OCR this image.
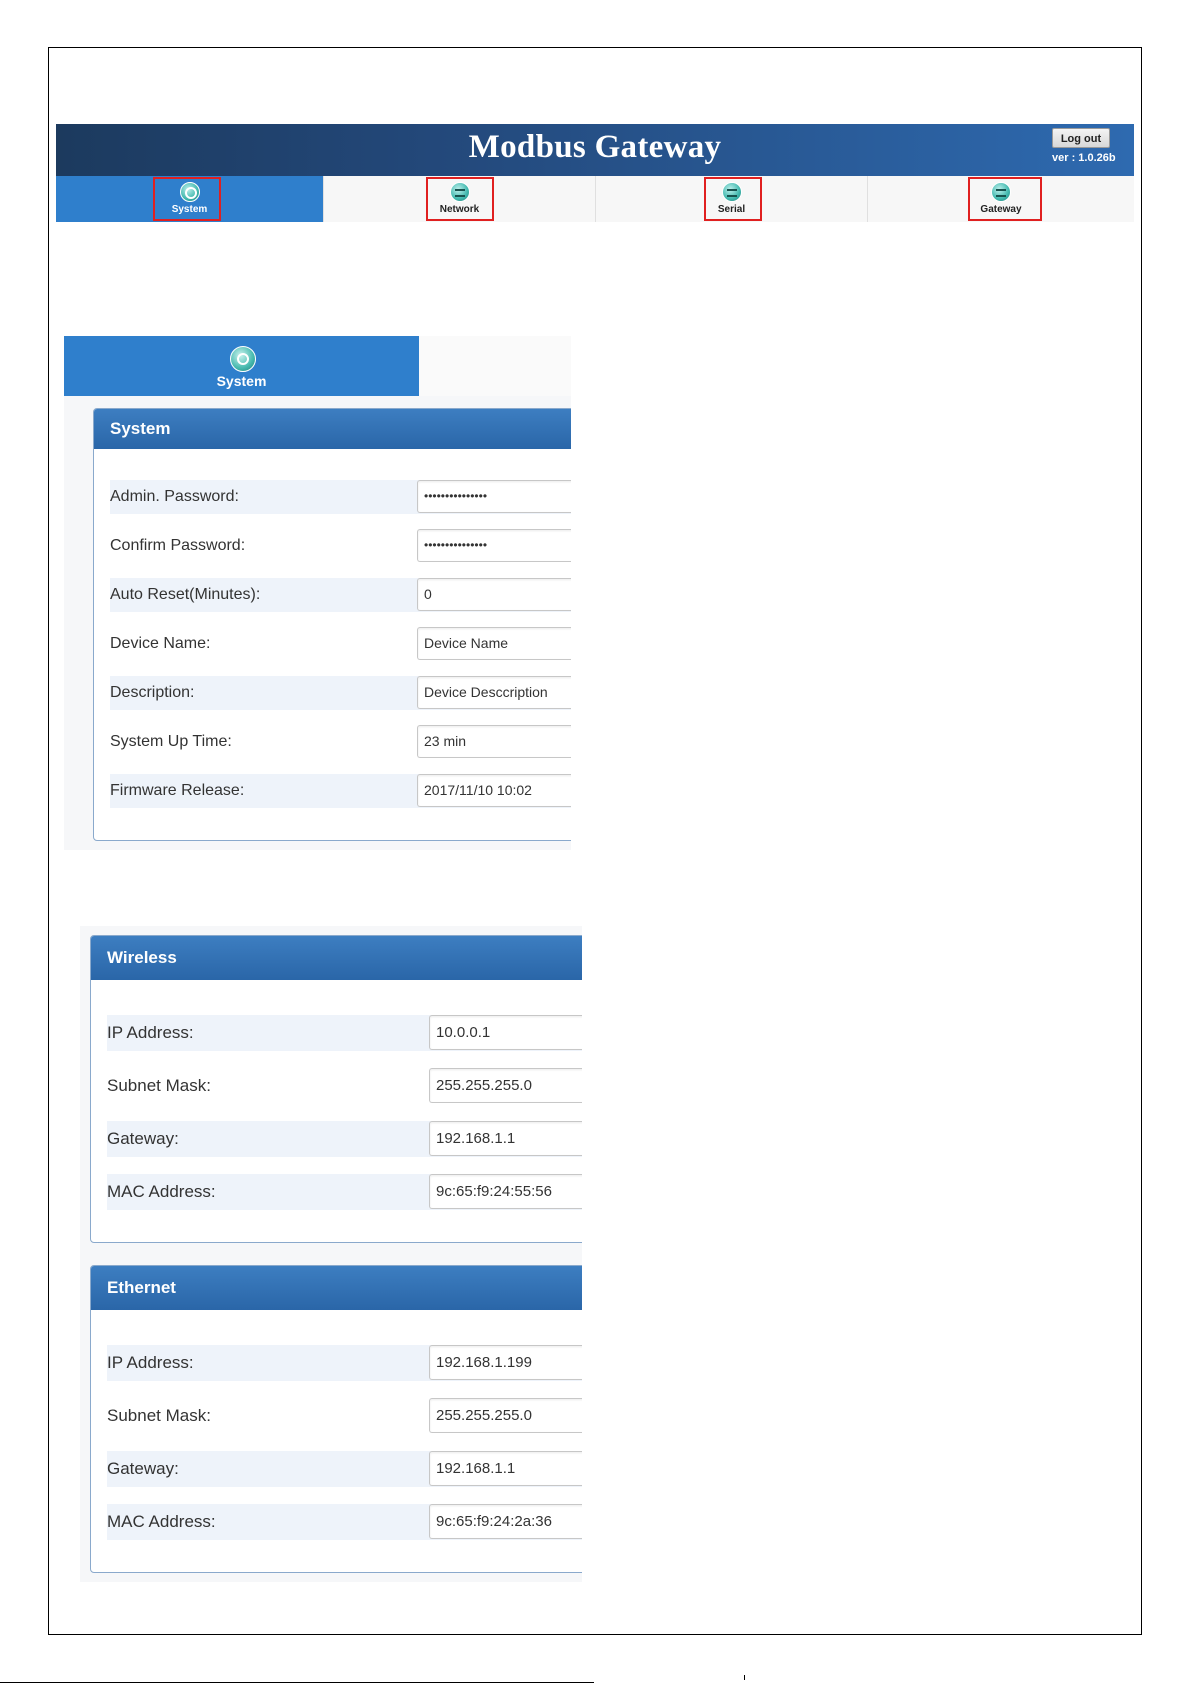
Modbus Gateway	Log out
ver : 1.0.26b
System	Network	Serial	Gateway
System
System
Admin. Password:	•••••••••••••••
Confirm Password:	•••••••••••••••
Auto Reset(Minutes):	0
Device Name:	Device Name
Description:	Device Desccription
System Up Time:	23 min
Firmware Release:	2017/11/10 10:02
Wireless
IP Address:	10.0.0.1
Subnet Mask:	255.255.255.0
Gateway:	192.168.1.1
MAC Address:	9c:65:f9:24:55:56
Ethernet
IP Address:	192.168.1.199
Subnet Mask:	255.255.255.0
Gateway:	192.168.1.1
MAC Address:	9c:65:f9:24:2a:36
